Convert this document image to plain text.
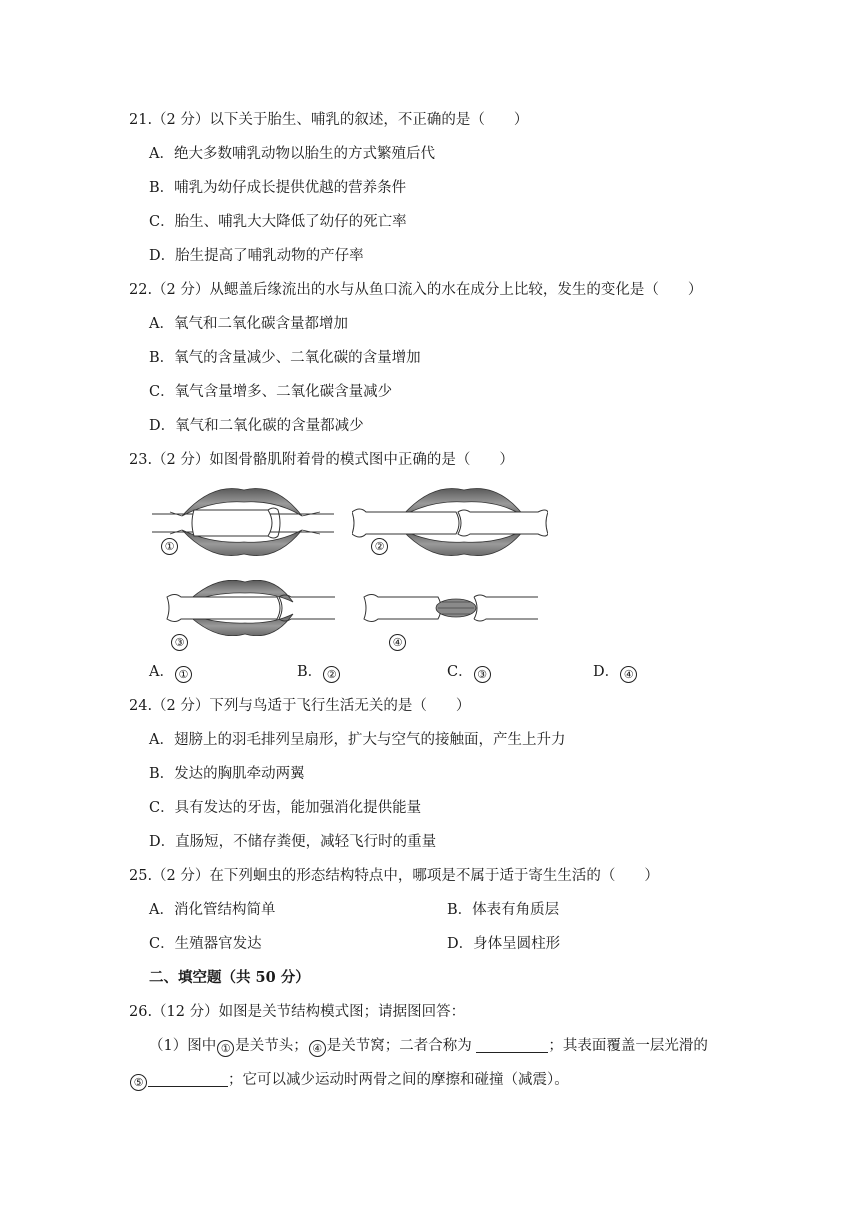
21.（2 分）以下关于胎生、哺乳的叙述，不正确的是（　　）
A．绝大多数哺乳动物以胎生的方式繁殖后代
B．哺乳为幼仔成长提供优越的营养条件
C．胎生、哺乳大大降低了幼仔的死亡率
D．胎生提高了哺乳动物的产仔率
22.（2 分）从鳃盖后缘流出的水与从鱼口流入的水在成分上比较，发生的变化是（　　）
A．氧气和二氧化碳含量都增加
B．氧气的含量减少、二氧化碳的含量增加
C．氧气含量增多、二氧化碳含量减少
D．氧气和二氧化碳的含量都减少
23.（2 分）如图骨骼肌附着骨的模式图中正确的是（　　）
①	②
③	④
A． ①	B． ②	C． ③	D． ④
24.（2 分）下列与鸟适于飞行生活无关的是（　　）
A．翅膀上的羽毛排列呈扇形，扩大与空气的接触面，产生上升力
B．发达的胸肌牵动两翼
C．具有发达的牙齿，能加强消化提供能量
D．直肠短，不储存粪便，减轻飞行时的重量
25.（2 分）在下列蛔虫的形态结构特点中，哪项是不属于适于寄生生活的（　　）
A．消化管结构简单	B．体表有角质层
C．生殖器官发达	D．身体呈圆柱形
二、填空题（共 50 分）
26.（12 分）如图是关节结构模式图；请据图回答：
（1）图中 ① 是关节头； ④ 是关节窝；二者合称为	；其表面覆盖一层光滑的
⑤	；它可以减少运动时两骨之间的摩擦和碰撞（减震）。
